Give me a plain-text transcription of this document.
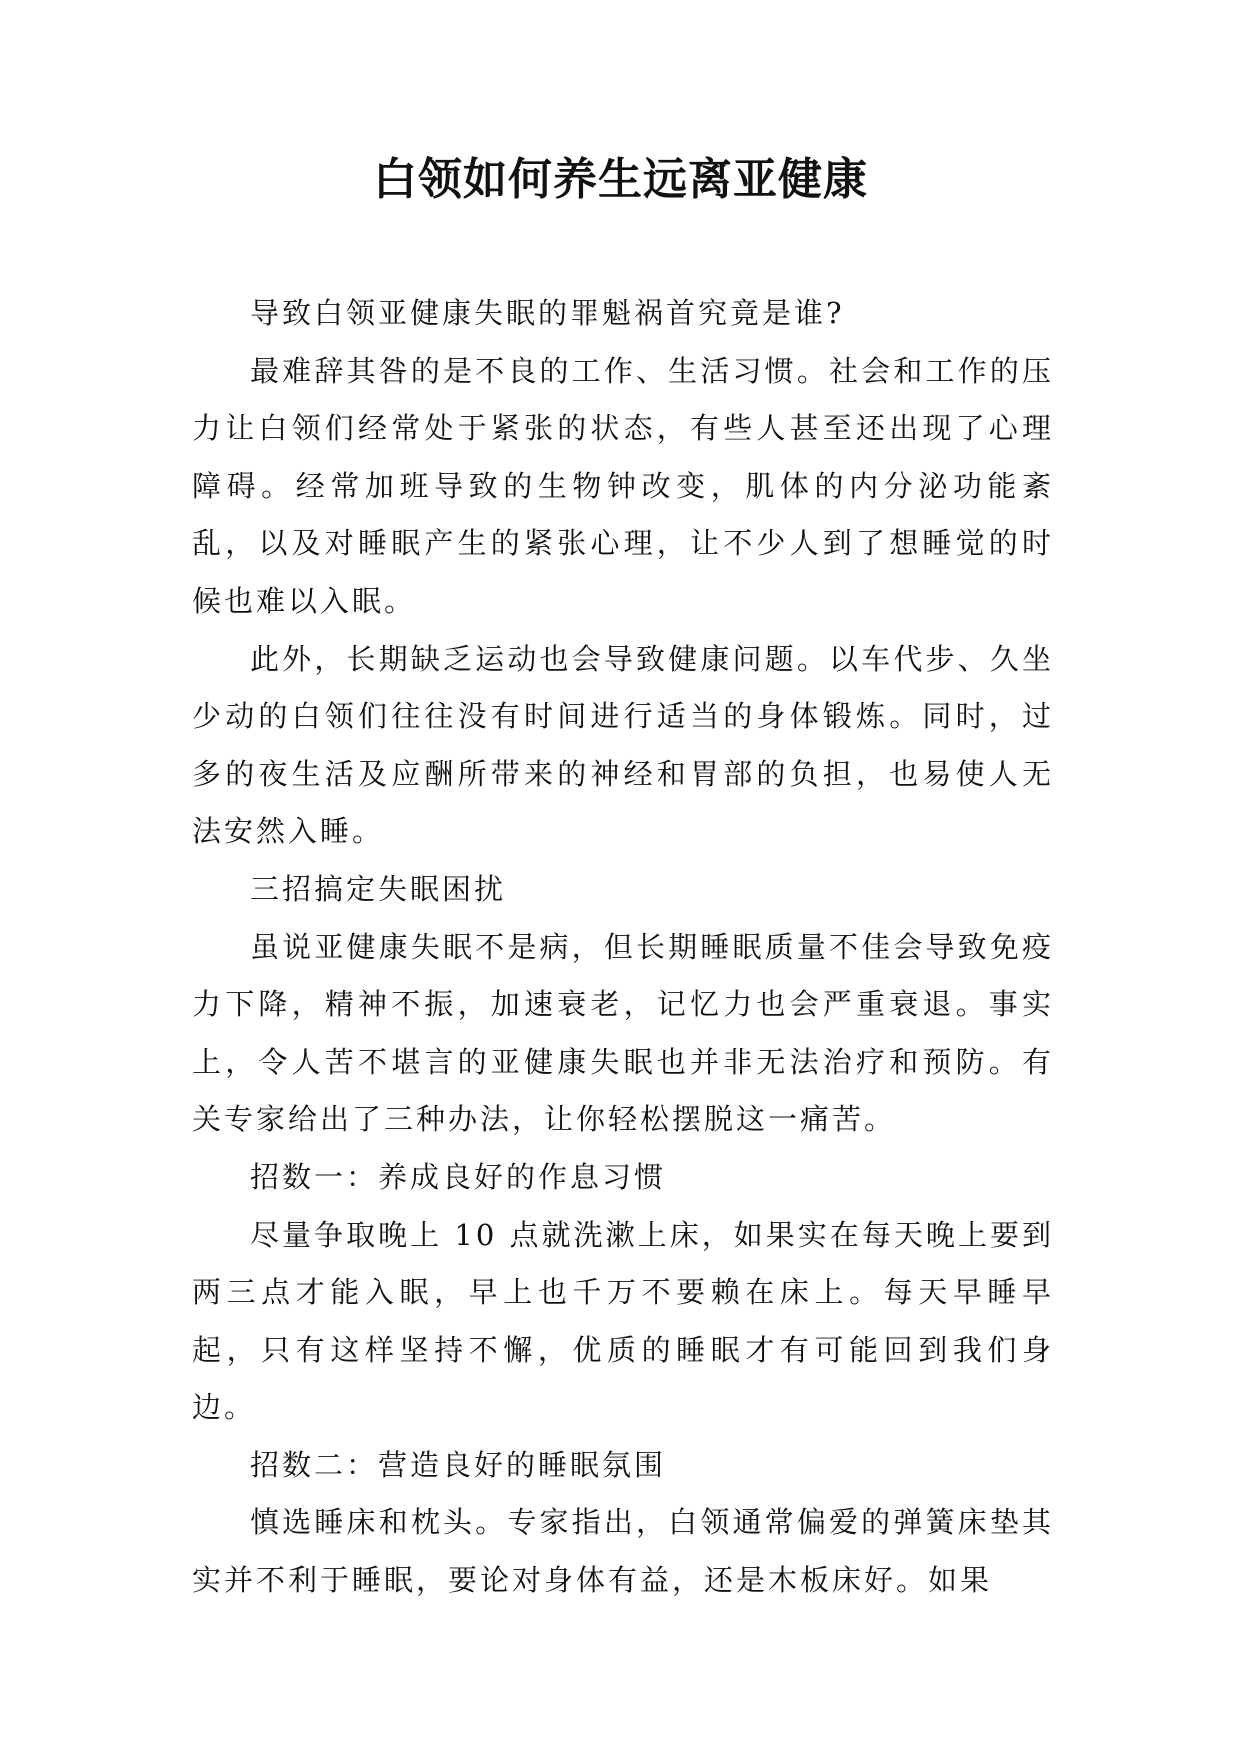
白领如何养生远离亚健康

导致白领亚健康失眠的罪魁祸首究竟是谁?

最难辞其咎的是不良的工作、生活习惯。社会和工作的压力让白领们经常处于紧张的状态，有些人甚至还出现了心理障碍。经常加班导致的生物钟改变，肌体的内分泌功能紊乱，以及对睡眠产生的紧张心理，让不少人到了想睡觉的时候也难以入眠。

此外，长期缺乏运动也会导致健康问题。以车代步、久坐少动的白领们往往没有时间进行适当的身体锻炼。同时，过多的夜生活及应酬所带来的神经和胃部的负担，也易使人无法安然入睡。

三招搞定失眠困扰

虽说亚健康失眠不是病，但长期睡眠质量不佳会导致免疫力下降，精神不振，加速衰老，记忆力也会严重衰退。事实上，令人苦不堪言的亚健康失眠也并非无法治疗和预防。有关专家给出了三种办法，让你轻松摆脱这一痛苦。

招数一：养成良好的作息习惯

尽量争取晚上 10 点就洗漱上床，如果实在每天晚上要到两三点才能入眠，早上也千万不要赖在床上。每天早睡早起，只有这样坚持不懈，优质的睡眠才有可能回到我们身边。

招数二：营造良好的睡眠氛围

慎选睡床和枕头。专家指出，白领通常偏爱的弹簧床垫其实并不利于睡眠，要论对身体有益，还是木板床好。如果
